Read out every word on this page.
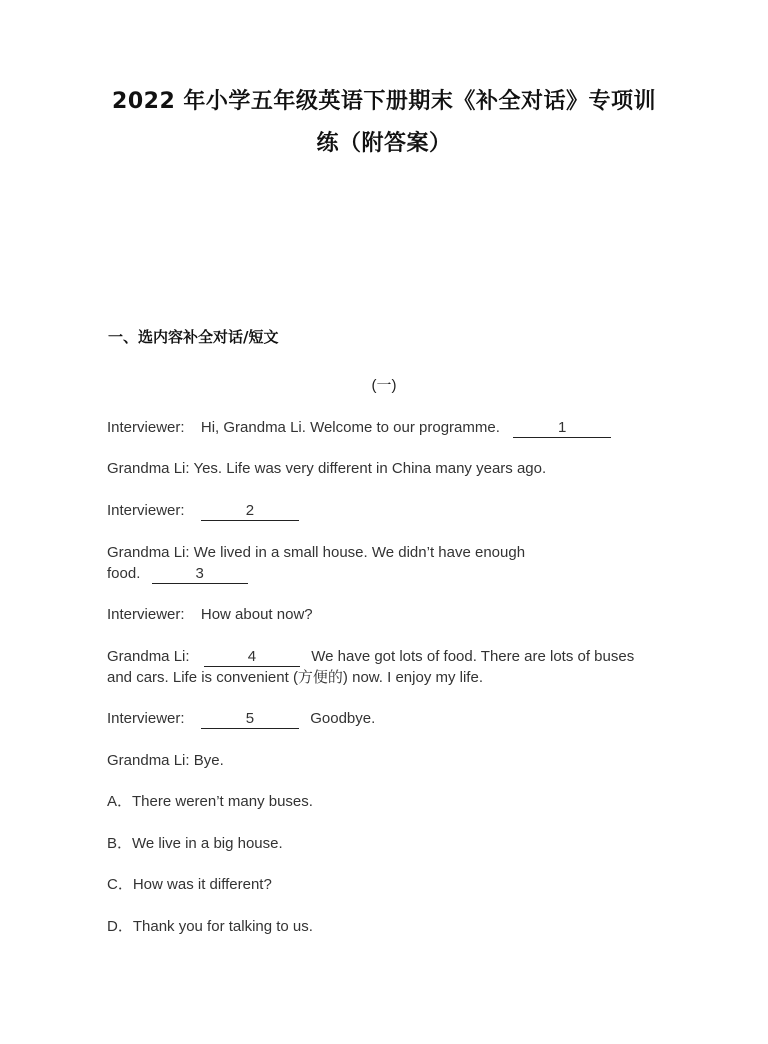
2022 年小学五年级英语下册期末《补全对话》专项训
练（附答案）
一、选内容补全对话/短文
(一)
Interviewer: Hi, Grandma Li. Welcome to our programme.	1
Grandma Li: Yes. Life was very different in China many years ago.
Interviewer:	2
Grandma Li: We lived in a small house. We didn’t have enough
food.	3
Interviewer: How about now?
Grandma Li:	4	We have got lots of food. There are lots of buses
and cars. Life is convenient (方便的) now. I enjoy my life.
Interviewer:	5	Goodbye.
Grandma Li: Bye.
A．There weren’t many buses.
B．We live in a big house.
C．How was it different?
D．Thank you for talking to us.
